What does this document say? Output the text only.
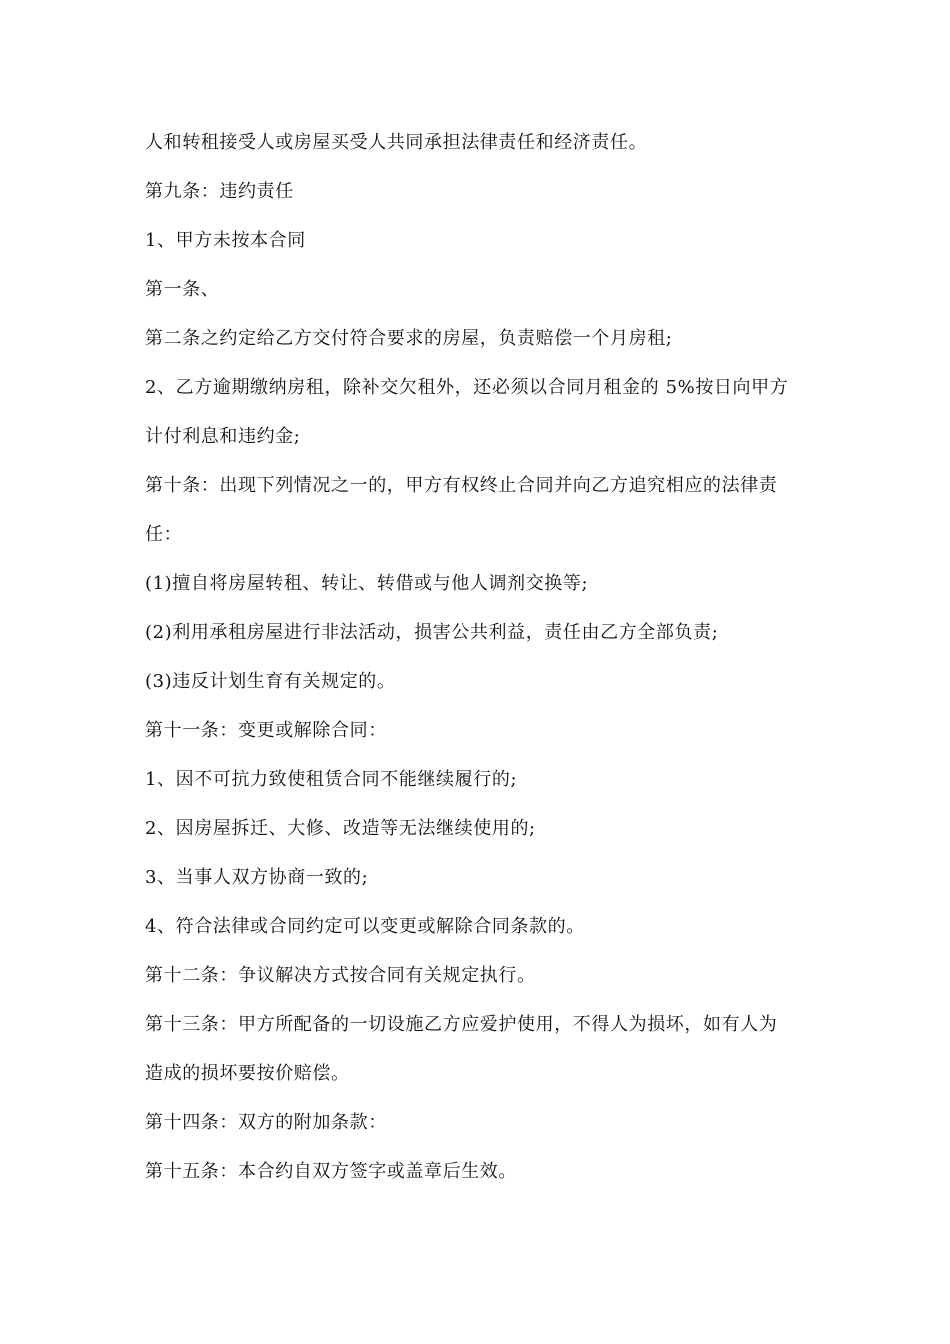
人和转租接受人或房屋买受人共同承担法律责任和经济责任。
第九条：违约责任
1、甲方未按本合同
第一条、
第二条之约定给乙方交付符合要求的房屋，负责赔偿一个月房租;
2、乙方逾期缴纳房租，除补交欠租外，还必须以合同月租金的 5%按日向甲方
计付利息和违约金;
第十条：出现下列情况之一的，甲方有权终止合同并向乙方追究相应的法律责
任：
(1)擅自将房屋转租、转让、转借或与他人调剂交换等;
(2)利用承租房屋进行非法活动，损害公共利益，责任由乙方全部负责;
(3)违反计划生育有关规定的。
第十一条：变更或解除合同：
1、因不可抗力致使租赁合同不能继续履行的;
2、因房屋拆迁、大修、改造等无法继续使用的;
3、当事人双方协商一致的;
4、符合法律或合同约定可以变更或解除合同条款的。
第十二条：争议解决方式按合同有关规定执行。
第十三条：甲方所配备的一切设施乙方应爱护使用，不得人为损坏，如有人为
造成的损坏要按价赔偿。
第十四条：双方的附加条款：
第十五条：本合约自双方签字或盖章后生效。
